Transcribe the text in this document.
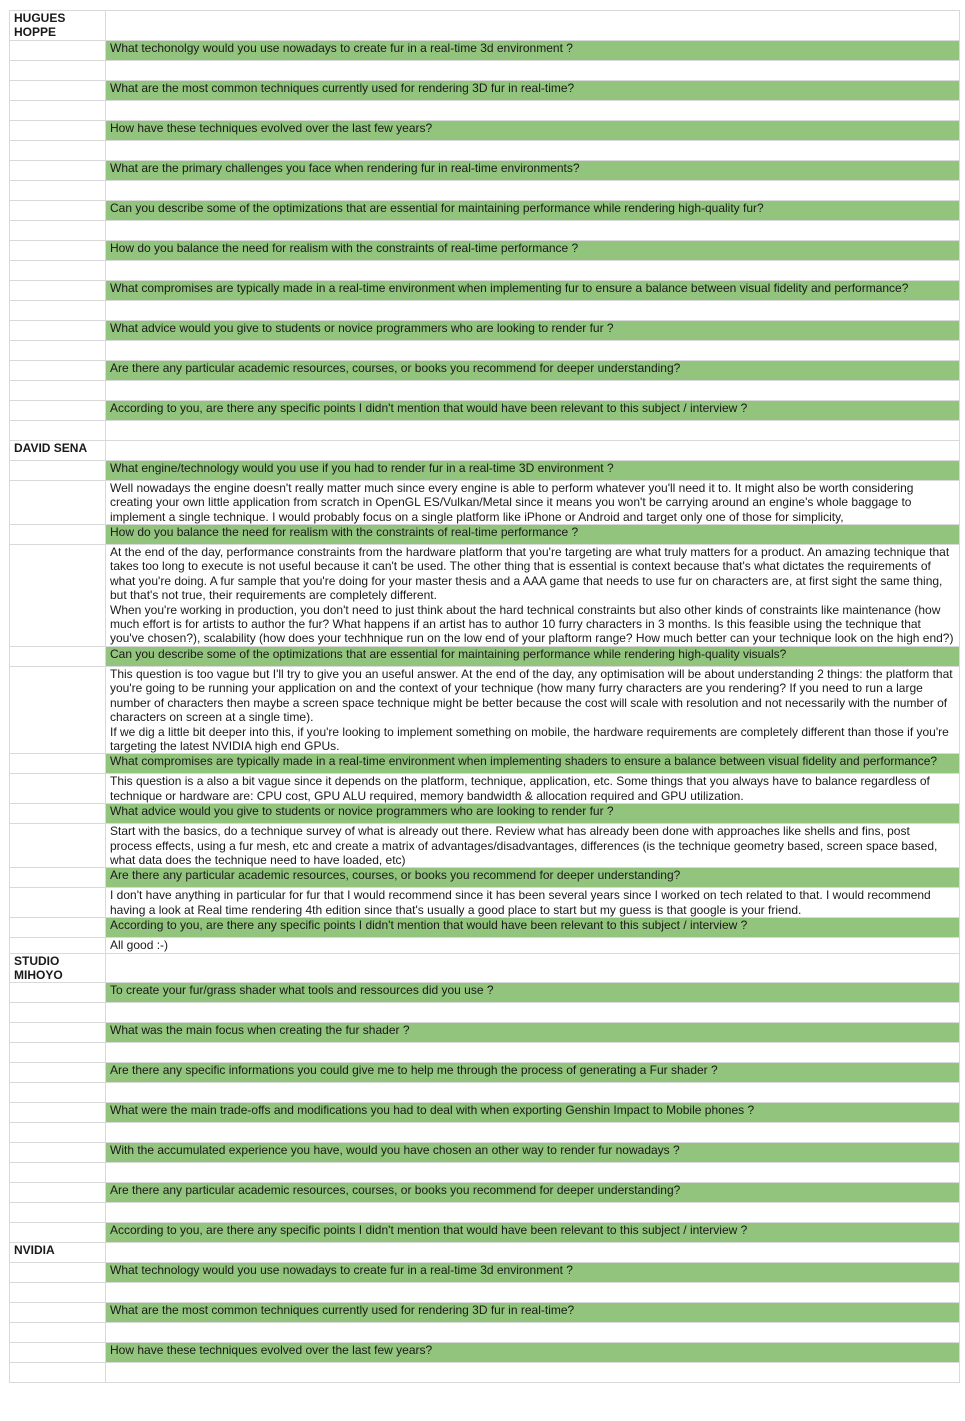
HUGUES HOPPE	
	What techonolgy would you use nowadays to create fur in a real-time 3d environment ?

	What are the most common techniques currently used for rendering 3D fur in real-time?

	How have these techniques evolved over the last few years?

	What are the primary challenges you face when rendering fur in real-time environments?

	Can you describe some of the optimizations that are essential for maintaining performance while rendering high-quality fur?

	How do you balance the need for realism with the constraints of real-time performance ?

	What compromises are typically made in a real-time environment when implementing fur to ensure a balance between visual fidelity and performance?

	What advice would you give to students or novice programmers who are looking to render fur ?

	Are there any particular academic resources, courses, or books you recommend for deeper understanding?

	According to you, are there any specific points I didn't mention that would have been relevant to this subject / interview ?

DAVID SENA	
	What engine/technology would you use if you had to render fur in a real-time 3D environment ?
	Well nowadays the engine doesn't really matter much since every engine is able to perform whatever you'll need it to. It might also be worth considering creating your own little application from scratch in OpenGL ES/Vulkan/Metal since it means you won't be carrying around an engine's whole baggage to implement a single technique. I would probably focus on a single platform like iPhone or Android and target only one of those for simplicity,
	How do you balance the need for realism with the constraints of real-time performance ?
	At the end of the day, performance constraints from the hardware platform that you're targeting are what truly matters for a product. An amazing technique that takes too long to execute is not useful because it can't be used. The other thing that is essential is context because that's what dictates the requirements of what you're doing. A fur sample that you're doing for your master thesis and a AAA game that needs to use fur on characters are, at first sight the same thing, but that's not true, their requirements are completely different.
When you're working in production, you don't need to just think about the hard technical constraints but also other kinds of constraints like maintenance (how much effort is for artists to author the fur? What happens if an artist has to author 10 furry characters in 3 months. Is this feasible using the technique that you've chosen?), scalability (how does your techhnique run on the low end of your plaftorm range? How much better can your technique look on the high end?)
	Can you describe some of the optimizations that are essential for maintaining performance while rendering high-quality visuals?
	This question is too vague but I'll try to give you an useful answer. At the end of the day, any optimisation will be about understanding 2 things: the platform that you're going to be running your application on and the context of your technique (how many furry characters are you rendering? If you need to run a large number of characters then maybe a screen space technique might be better because the cost will scale with resolution and not necessarily with the number of characters on screen at a single time).
If we dig a little bit deeper into this, if you're looking to implement something on mobile, the hardware requirements are completely different than those if you're targeting the latest NVIDIA high end GPUs.
	What compromises are typically made in a real-time environment when implementing shaders to ensure a balance between visual fidelity and performance?
	This question is a also a bit vague since it depends on the platform, technique, application, etc. Some things that you always have to balance regardless of technique or hardware are: CPU cost, GPU ALU required, memory bandwidth & allocation required and GPU utilization.
	What advice would you give to students or novice programmers who are looking to render fur ?
	Start with the basics, do a technique survey of what is already out there. Review what has already been done with approaches like shells and fins, post process effects, using a fur mesh, etc and create a matrix of advantages/disadvantages, differences (is the technique geometry based, screen space based, what data does the technique need to have loaded, etc)
	Are there any particular academic resources, courses, or books you recommend for deeper understanding?
	I don't have anything in particular for fur that I would recommend since it has been several years since I worked on tech related to that. I would recommend having a look at Real time rendering 4th edition since that's usually a good place to start but my guess is that google is your friend.
	According to you, are there any specific points I didn't mention that would have been relevant to this subject / interview ?
	All good :-)
STUDIO MIHOYO	
	To create your fur/grass shader what tools and ressources did you use ?

	What was the main focus when creating the fur shader ?

	Are there any specific informations you could give me to help me through the process of generating a Fur shader ?

	What were the main trade-offs and modifications you had to deal with when exporting Genshin Impact to Mobile phones ?

	With the accumulated experience you have, would you have chosen an other way to render fur nowadays ?

	Are there any particular academic resources, courses, or books you recommend for deeper understanding?

	According to you, are there any specific points I didn't mention that would have been relevant to this subject / interview ?
NVIDIA	
	What technology would you use nowadays to create fur in a real-time 3d environment ?

	What are the most common techniques currently used for rendering 3D fur in real-time?

	How have these techniques evolved over the last few years?
